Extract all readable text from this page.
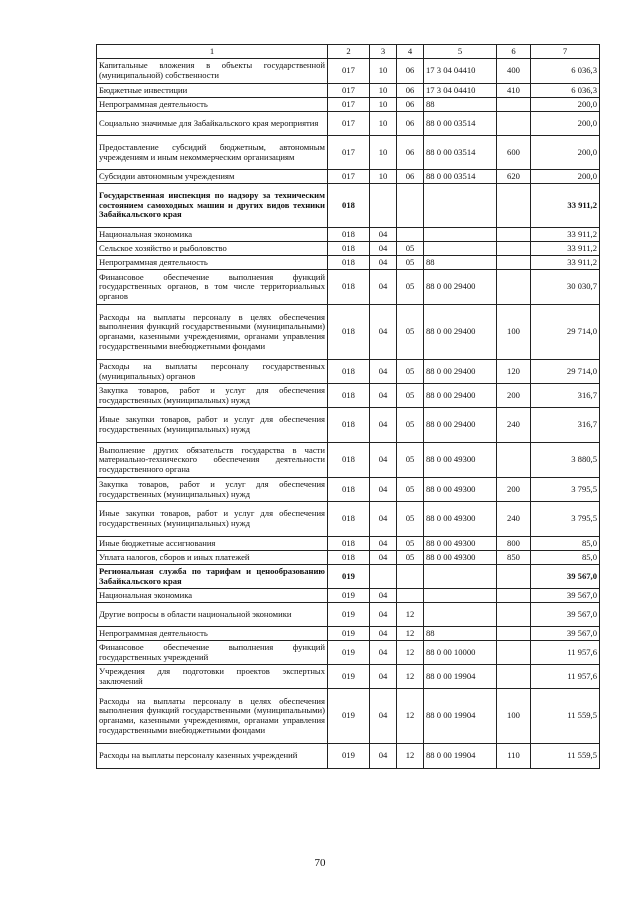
1	2	3	4	5	6	7
Капитальные вложения в объекты государственной (муниципальной) собственности	017	10	06	17 3 04 04410	400	6 036,3
Бюджетные инвестиции	017	10	06	17 3 04 04410	410	6 036,3
Непрограммная деятельность	017	10	06	88		200,0
Социально значимые для Забайкальского края мероприятия	017	10	06	88 0 00 03514		200,0
Предоставление субсидий бюджетным, автономным учреждениям и иным некоммерческим организациям	017	10	06	88 0 00 03514	600	200,0
Субсидии автономным учреждениям	017	10	06	88 0 00 03514	620	200,0
Государственная инспекция по надзору за техническим состоянием самоходных машин и других видов техники Забайкальского края	018					33 911,2
Национальная экономика	018	04				33 911,2
Сельское хозяйство и рыболовство	018	04	05			33 911,2
Непрограммная деятельность	018	04	05	88		33 911,2
Финансовое обеспечение выполнения функций государственных органов, в том числе территориальных органов	018	04	05	88 0 00 29400		30 030,7
Расходы на выплаты персоналу в целях обеспечения выполнения функций государственными (муниципальными) органами, казенными учреждениями, органами управления государственными внебюджетными фондами	018	04	05	88 0 00 29400	100	29 714,0
Расходы на выплаты персоналу государственных (муниципальных) органов	018	04	05	88 0 00 29400	120	29 714,0
Закупка товаров, работ и услуг для обеспечения государственных (муниципальных) нужд	018	04	05	88 0 00 29400	200	316,7
Иные закупки товаров, работ и услуг для обеспечения государственных (муниципальных) нужд	018	04	05	88 0 00 29400	240	316,7
Выполнение других обязательств государства в части материально-технического обеспечения деятельности государственного органа	018	04	05	88 0 00 49300		3 880,5
Закупка товаров, работ и услуг для обеспечения государственных (муниципальных) нужд	018	04	05	88 0 00 49300	200	3 795,5
Иные закупки товаров, работ и услуг для обеспечения государственных (муниципальных) нужд	018	04	05	88 0 00 49300	240	3 795,5
Иные бюджетные ассигнования	018	04	05	88 0 00 49300	800	85,0
Уплата налогов, сборов и иных платежей	018	04	05	88 0 00 49300	850	85,0
Региональная служба по тарифам и ценообразованию Забайкальского края	019					39 567,0
Национальная экономика	019	04				39 567,0
Другие вопросы в области национальной экономики	019	04	12			39 567,0
Непрограммная деятельность	019	04	12	88		39 567,0
Финансовое обеспечение выполнения функций государственных учреждений	019	04	12	88 0 00 10000		11 957,6
Учреждения для подготовки проектов экспертных заключений	019	04	12	88 0 00 19904		11 957,6
Расходы на выплаты персоналу в целях обеспечения выполнения функций государственными (муниципальными) органами, казенными учреждениями, органами управления государственными внебюджетными фондами	019	04	12	88 0 00 19904	100	11 559,5
Расходы на выплаты персоналу казенных учреждений	019	04	12	88 0 00 19904	110	11 559,5
70
